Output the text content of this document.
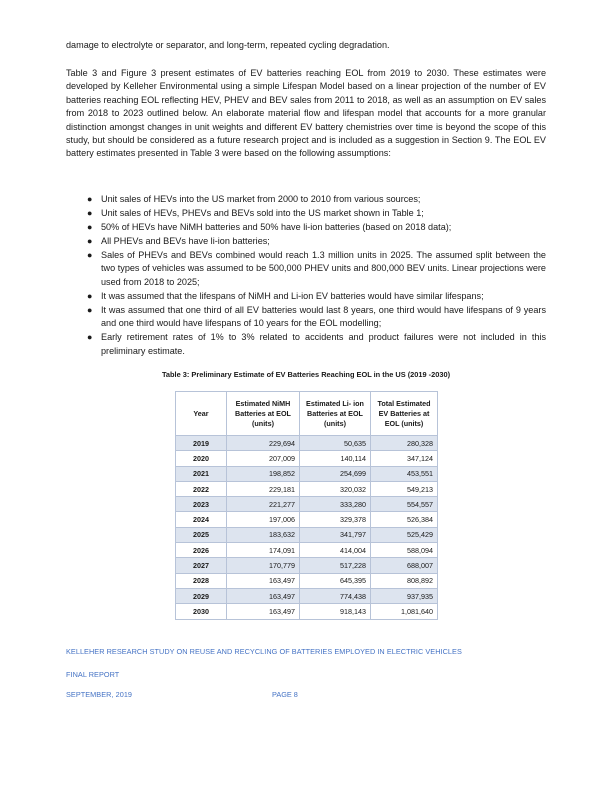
damage to electrolyte or separator, and long-term, repeated cycling degradation.

Table 3 and Figure 3 present estimates of EV batteries reaching EOL from 2019 to 2030. These estimates were developed by Kelleher Environmental using a simple Lifespan Model based on a linear projection of the number of EV batteries reaching EOL reflecting HEV, PHEV and BEV sales from 2011 to 2018, as well as an assumption on EV sales from 2018 to 2023 outlined below. An elaborate material flow and lifespan model that accounts for a more granular distinction amongst changes in unit weights and different EV battery chemistries over time is beyond the scope of this study, but should be considered as a future research project and is included as a suggestion in Section 9. The EOL EV battery estimates presented in Table 3 were based on the following assumptions:

● Unit sales of HEVs into the US market from 2000 to 2010 from various sources;
● Unit sales of HEVs, PHEVs and BEVs sold into the US market shown in Table 1;
● 50% of HEVs have NiMH batteries and 50% have li-ion batteries (based on 2018 data);
● All PHEVs and BEVs have li-ion batteries;
● Sales of PHEVs and BEVs combined would reach 1.3 million units in 2025. The assumed split between the two types of vehicles was assumed to be 500,000 PHEV units and 800,000 BEV units. Linear projections were used from 2018 to 2025;
● It was assumed that the lifespans of NiMH and Li-ion EV batteries would have similar lifespans;
● It was assumed that one third of all EV batteries would last 8 years, one third would have lifespans of 9 years and one third would have lifespans of 10 years for the EOL modelling;
● Early retirement rates of 1% to 3% related to accidents and product failures were not included in this preliminary estimate.

Table 3: Preliminary Estimate of EV Batteries Reaching EOL in the US (2019 -2030)

Year	Estimated NiMH Batteries at EOL (units)	Estimated Li- ion Batteries at EOL (units)	Total Estimated EV Batteries at EOL (units)
2019	229,694	50,635	280,328
2020	207,009	140,114	347,124
2021	198,852	254,699	453,551
2022	229,181	320,032	549,213
2023	221,277	333,280	554,557
2024	197,006	329,378	526,384
2025	183,632	341,797	525,429
2026	174,091	414,004	588,094
2027	170,779	517,228	688,007
2028	163,497	645,395	808,892
2029	163,497	774,438	937,935
2030	163,497	918,143	1,081,640

KELLEHER RESEARCH STUDY ON REUSE AND RECYCLING OF BATTERIES EMPLOYED IN ELECTRIC VEHICLES

FINAL REPORT

SEPTEMBER, 2019	PAGE 8
